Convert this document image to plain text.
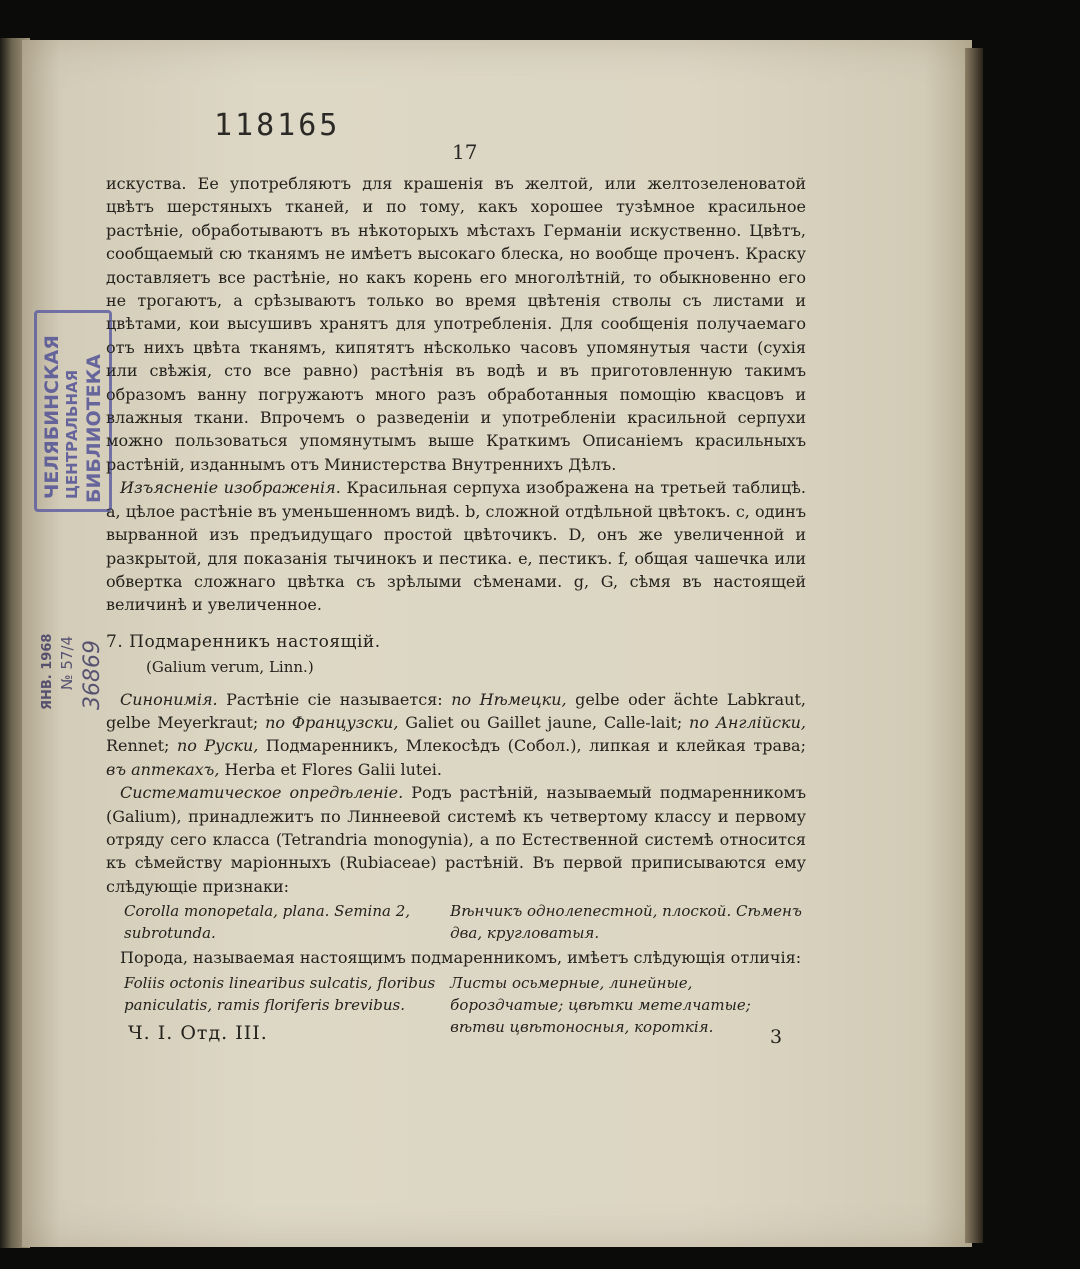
118165
17
ЧЕЛЯБИНСКАЯ ЦЕНТРАЛЬНАЯ БИБЛИОТЕКА
ЯНВ. 1968 № 57/4 36869

искуства. Ее употребляютъ для крашенія въ желтой, или желтозеленоватой цвѣтъ шерстяныхъ тканей, и по тому, какъ хорошее тузѣмное красильное растѣніе, обработываютъ въ нѣкоторыхъ мѣстахъ Германіи искуственно. Цвѣтъ, сообщаемый сю тканямъ не имѣетъ высокаго блеска, но вообще проченъ. Краску доставляетъ все растѣніе, но какъ корень его многолѣтній, то обыкновенно его не трогаютъ, а срѣзываютъ только во время цвѣтенія стволы съ листами и цвѣтами, кои высушивъ хранятъ для употребленія. Для сообщенія получаемаго отъ нихъ цвѣта тканямъ, кипятятъ нѣсколько часовъ упомянутыя части (сухія или свѣжія, сто все равно) растѣнія въ водѣ и въ приготовленную такимъ образомъ ванну погружаютъ много разъ обработанныя помощію квасцовъ и влажныя ткани. Впрочемъ о разведеніи и употребленіи красильной серпухи можно пользоваться упомянутымъ выше Краткимъ Описаніемъ красильныхъ растѣній, изданнымъ отъ Министерства Внутреннихъ Дѣлъ.

Изъясненіе изображенія. Красильная серпуха изображена на третьей таблицѣ. a, цѣлое растѣніе въ уменьшенномъ видѣ. b, сложной отдѣльной цвѣтокъ. c, одинъ вырванной изъ предъидущаго простой цвѣточикъ. D, онъ же увеличенной и разкрытой, для показанія тычинокъ и пестика. e, пестикъ. f, общая чашечка или обвертка сложнаго цвѣтка съ зрѣлыми сѣменами. g, G, сѣмя въ настоящей величинѣ и увеличенное.

7. Подмаренникъ настоящій.

(Galium verum, Linn.)

Синонимія. Растѣніе сіе называется: по Нѣмецки, gelbe oder ächte Labkraut, gelbe Meyerkraut; по Французски, Galiet ou Gaillet jaune, Calle-lait; по Англійски, Rennet; по Руски, Подмаренникъ, Млекосѣдъ (Собол.), липкая и клейкая трава; въ аптекахъ, Herba et Flores Galii lutei.

Систематическое опредѣленіе. Родъ растѣній, называемый подмаренникомъ (Galium), принадлежитъ по Линнеевой системѣ къ четвертому классу и первому отряду сего класса (Tetrandria monogynia), а по Естественной системѣ относится къ сѣмейству маріонныхъ (Rubiaceae) растѣній. Въ первой приписываются ему слѣдующіе признаки:

Corolla monopetala, plana. Semina 2, subrotunda.
Вѣнчикъ однолепестной, плоской. Сѣменъ два, кругловатыя.

Порода, называемая настоящимъ подмаренникомъ, имѣетъ слѣдующія отличія:

Foliis octonis linearibus sulcatis, floribus paniculatis, ramis floriferis brevibus.
Листы осьмерные, линейные, бороздчатые; цвѣтки метелчатые; вѣтви цвѣтоносныя, короткія.
Ч. I. Отд. III.	3
